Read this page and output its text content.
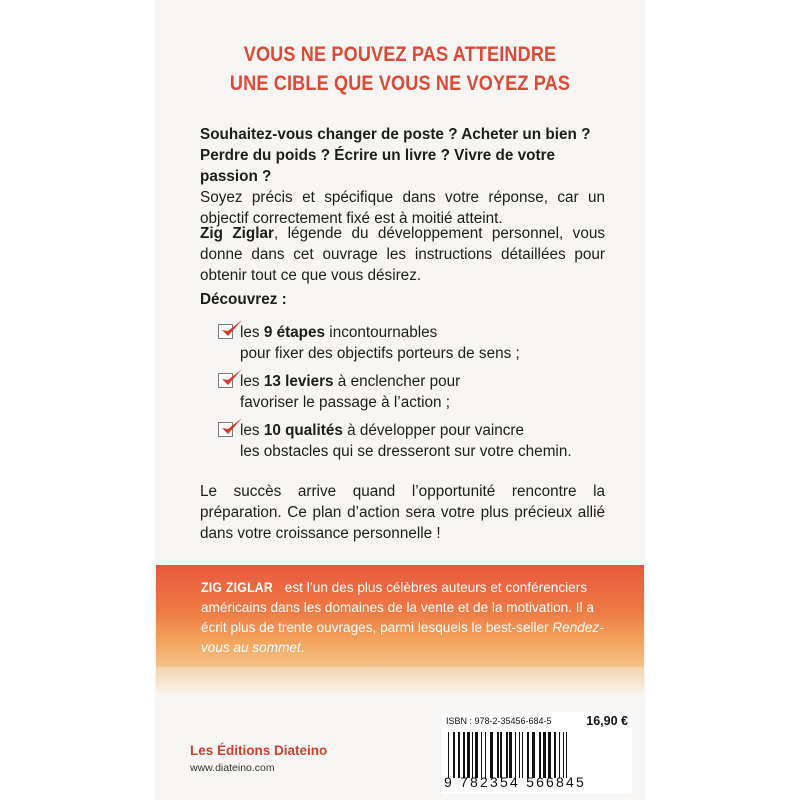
VOUS NE POUVEZ PAS ATTEINDRE
UNE CIBLE QUE VOUS NE VOYEZ PAS
Souhaitez-vous changer de poste ? Acheter un bien ?
Perdre du poids ? Écrire un livre ? Vivre de votre passion ?
Soyez précis et spécifique dans votre réponse, car un objectif correctement fixé est à moitié atteint.
Zig Ziglar, légende du développement personnel, vous donne dans cet ouvrage les instructions détaillées pour obtenir tout ce que vous désirez.
Découvrez :
les 9 étapes incontournables
pour fixer des objectifs porteurs de sens ;
les 13 leviers à enclencher pour
favoriser le passage à l’action ;
les 10 qualités à développer pour vaincre
les obstacles qui se dresseront sur votre chemin.
Le succès arrive quand l’opportunité rencontre la préparation. Ce plan d’action sera votre plus précieux allié dans votre croissance personnelle !
ZIG ZIGLAR est l’un des plus célèbres auteurs et conférenciers américains dans les domaines de la vente et de la motivation. Il a écrit plus de trente ouvrages, parmi lesquels le best-seller Rendez-vous au sommet.
Les Éditions Diateino
www.diateino.com
ISBN : 978-2-35456-684-5	16,90 €
9 782354 566845
